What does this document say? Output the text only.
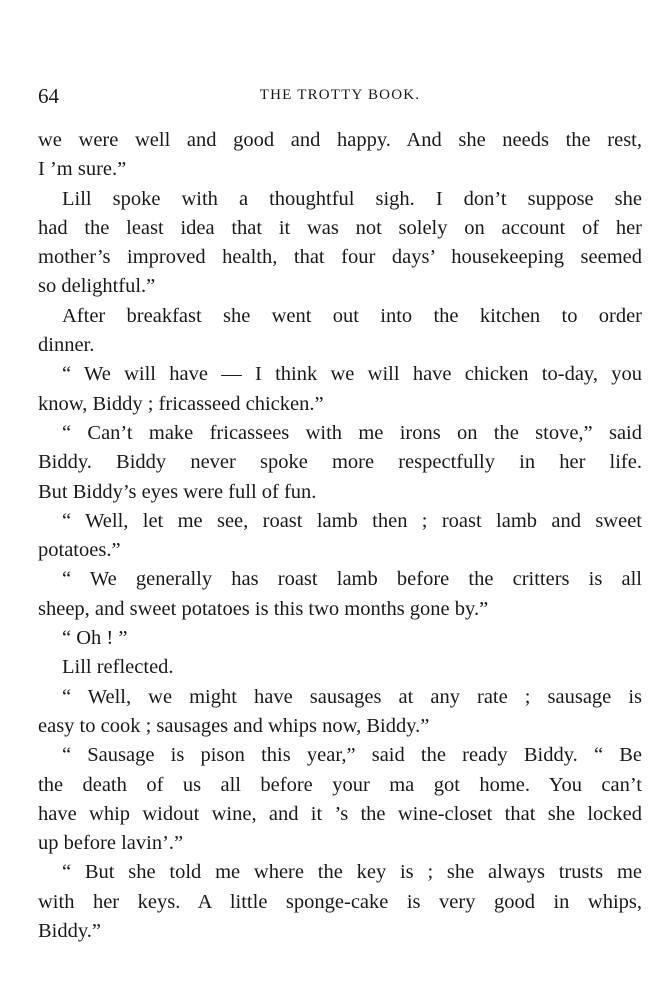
64	THE TROTTY BOOK.
we were well and good and happy. And she needs the rest,
I ’m sure.”
Lill spoke with a thoughtful sigh. I don’t suppose she
had the least idea that it was not solely on account of her
mother’s improved health, that four days’ housekeeping seemed
so delightful.”
After breakfast she went out into the kitchen to order
dinner.
“ We will have — I think we will have chicken to-day, you
know, Biddy ; fricasseed chicken.”
“ Can’t make fricassees with me irons on the stove,” said
Biddy. Biddy never spoke more respectfully in her life.
But Biddy’s eyes were full of fun.
“ Well, let me see, roast lamb then ; roast lamb and sweet
potatoes.”
“ We generally has roast lamb before the critters is all
sheep, and sweet potatoes is this two months gone by.”
“ Oh ! ”
Lill reflected.
“ Well, we might have sausages at any rate ; sausage is
easy to cook ; sausages and whips now, Biddy.”
“ Sausage is pison this year,” said the ready Biddy. “ Be
the death of us all before your ma got home. You can’t
have whip widout wine, and it ’s the wine-closet that she locked
up before lavin’.”
“ But she told me where the key is ; she always trusts me
with her keys. A little sponge-cake is very good in whips,
Biddy.”
